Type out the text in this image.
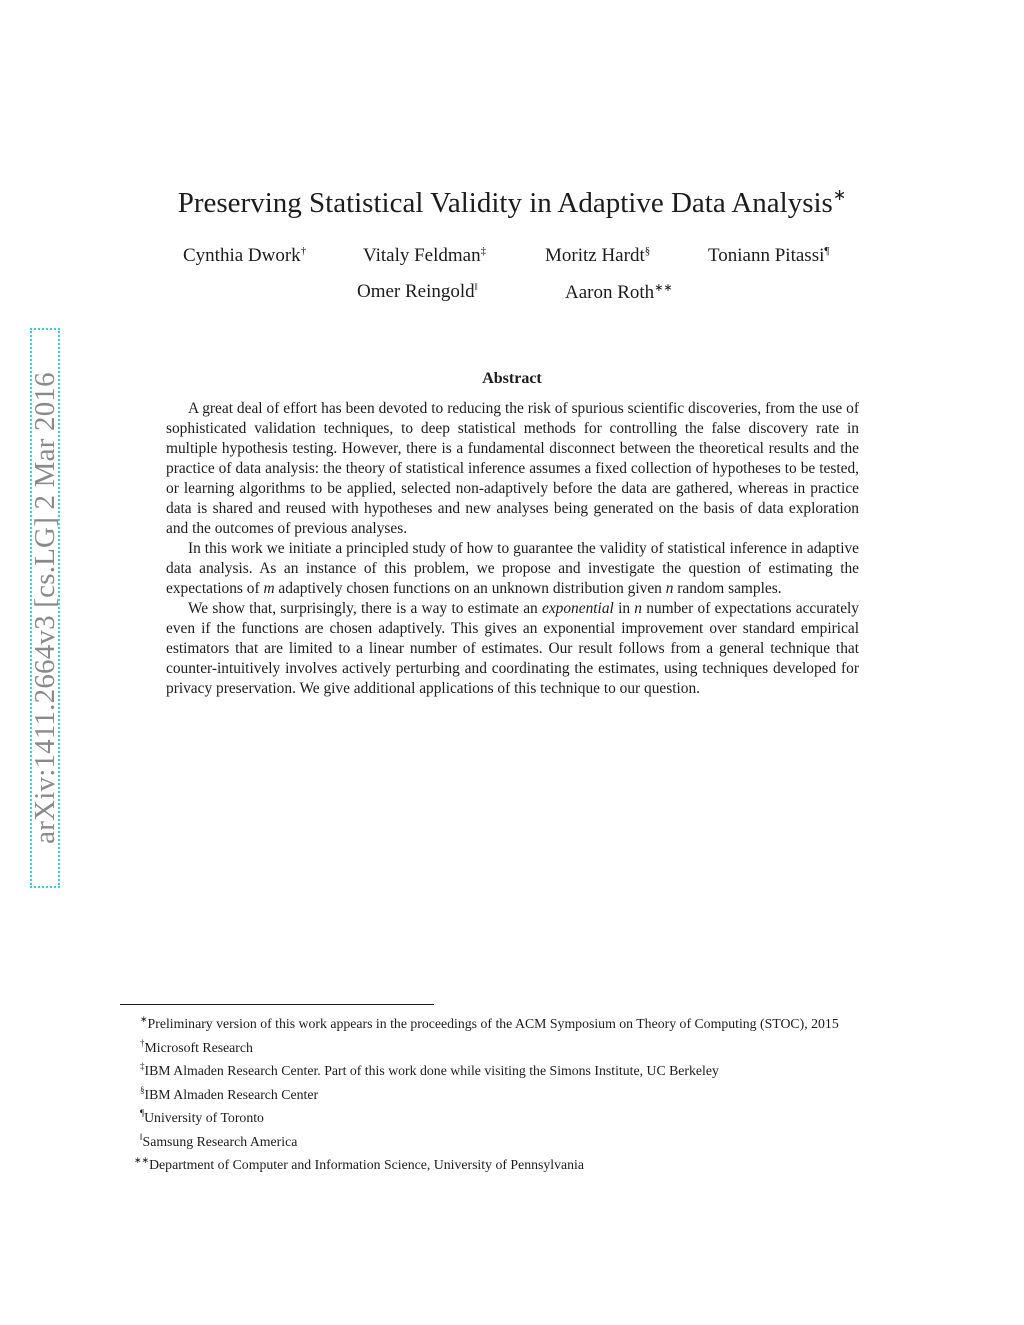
arXiv:1411.2664v3 [cs.LG] 2 Mar 2016
Preserving Statistical Validity in Adaptive Data Analysis∗
Cynthia Dwork†	Vitaly Feldman‡	Moritz Hardt§	Toniann Pitassi¶
Omer Reingold‖	Aaron Roth∗∗
Abstract

A great deal of effort has been devoted to reducing the risk of spurious scientific discoveries, from the use of sophisticated validation techniques, to deep statistical methods for controlling the false discovery rate in multiple hypothesis testing. However, there is a fundamental disconnect between the theoretical results and the practice of data analysis: the theory of statistical inference assumes a fixed collection of hypotheses to be tested, or learning algorithms to be applied, selected non-adaptively before the data are gathered, whereas in practice data is shared and reused with hypotheses and new analyses being generated on the basis of data exploration and the outcomes of previous analyses.

In this work we initiate a principled study of how to guarantee the validity of statistical inference in adaptive data analysis. As an instance of this problem, we propose and investigate the question of estimating the expectations of m adaptively chosen functions on an unknown distribution given n random samples.

We show that, surprisingly, there is a way to estimate an exponential in n number of expectations accurately even if the functions are chosen adaptively. This gives an exponential improvement over standard empirical estimators that are limited to a linear number of estimates. Our result follows from a general technique that counter-intuitively involves actively perturbing and coordinating the estimates, using techniques developed for privacy preservation. We give additional applications of this technique to our question.

∗Preliminary version of this work appears in the proceedings of the ACM Symposium on Theory of Computing (STOC), 2015
†Microsoft Research
‡IBM Almaden Research Center. Part of this work done while visiting the Simons Institute, UC Berkeley
§IBM Almaden Research Center
¶University of Toronto
‖Samsung Research America
∗∗Department of Computer and Information Science, University of Pennsylvania
